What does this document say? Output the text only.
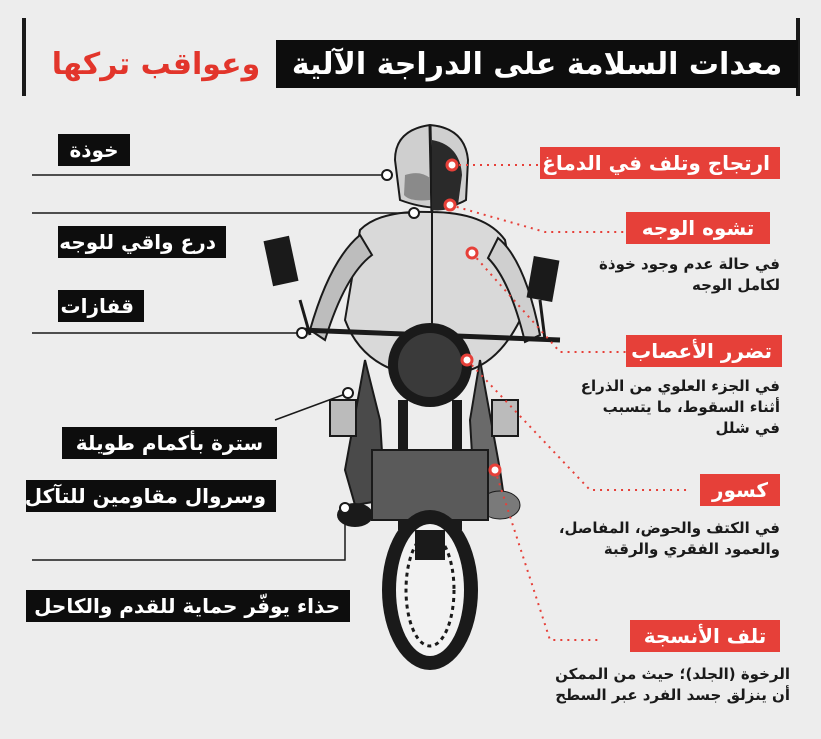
معدات السلامة على الدراجة الآلية
وعواقب تركها
خوذة
درع واقي للوجه
قفازات
سترة بأكمام طويلة
وسروال مقاومين للتآكل
حذاء يوفّر حماية للقدم والكاحل
ارتجاج وتلف في الدماغ
تشوه الوجه
في حالة عدم وجود خوذة
لكامل الوجه
تضرر الأعصاب
في الجزء العلوي من الذراع
أثناء السقوط، ما يتسبب
في شلل
كسور
في الكتف والحوض، المفاصل،
والعمود الفقري والرقبة
تلف الأنسجة
الرخوة (الجلد)؛ حيث من الممكن
أن ينزلق جسد الفرد عبر السطح
